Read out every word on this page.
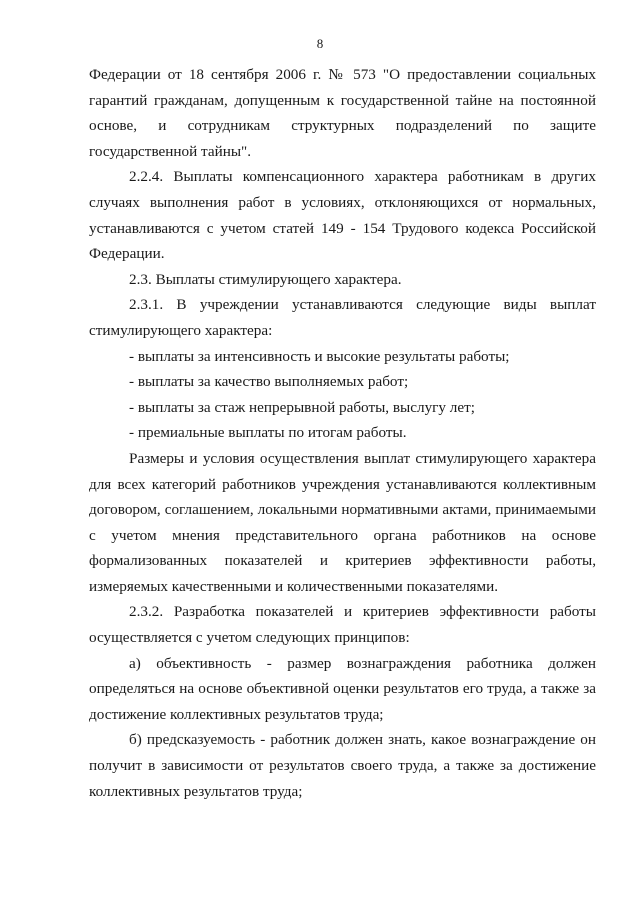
8

Федерации от 18 сентября 2006 г. № 573 "О предоставлении социальных гарантий гражданам, допущенным к государственной тайне на постоянной основе, и сотрудникам структурных подразделений по защите государственной тайны".

2.2.4. Выплаты компенсационного характера работникам в других случаях выполнения работ в условиях, отклоняющихся от нормальных, устанавливаются с учетом статей 149 - 154 Трудового кодекса Российской Федерации.

2.3. Выплаты стимулирующего характера.

2.3.1. В учреждении устанавливаются следующие виды выплат стимулирующего характера:

- выплаты за интенсивность и высокие результаты работы;

- выплаты за качество выполняемых работ;

- выплаты за стаж непрерывной работы, выслугу лет;

- премиальные выплаты по итогам работы.

Размеры и условия осуществления выплат стимулирующего характера для всех категорий работников учреждения устанавливаются коллективным договором, соглашением, локальными нормативными актами, принимаемыми с учетом мнения представительного органа работников на основе формализованных показателей и критериев эффективности работы, измеряемых качественными и количественными показателями.

2.3.2. Разработка показателей и критериев эффективности работы осуществляется с учетом следующих принципов:

а) объективность - размер вознаграждения работника должен определяться на основе объективной оценки результатов его труда, а также за достижение коллективных результатов труда;

б) предсказуемость - работник должен знать, какое вознаграждение он получит в зависимости от результатов своего труда, а также за достижение коллективных результатов труда;
